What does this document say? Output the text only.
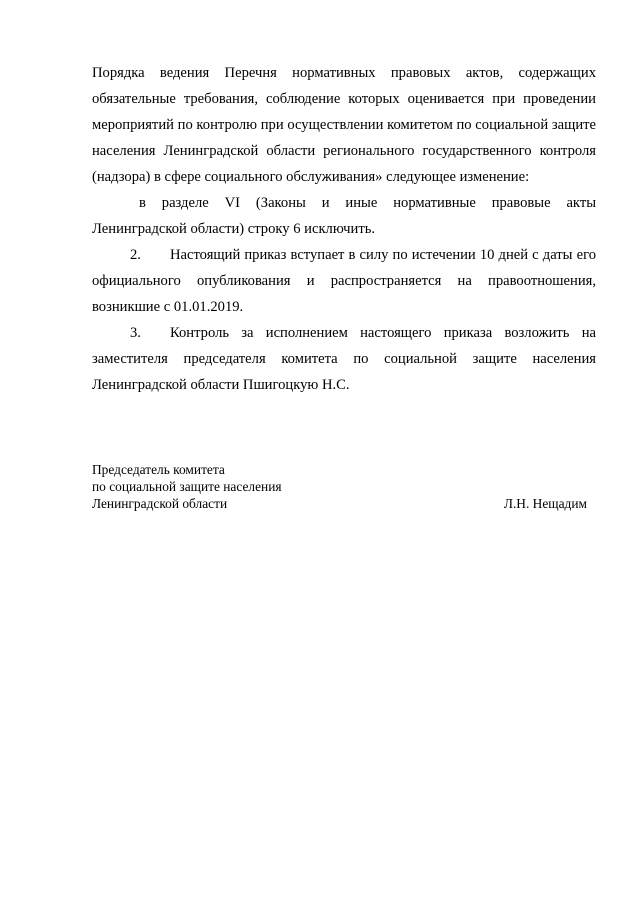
Порядка ведения Перечня нормативных правовых актов, содержащих обязательные требования, соблюдение которых оценивается при проведении мероприятий по контролю при осуществлении комитетом по социальной защите населения Ленинградской области регионального государственного контроля (надзора) в сфере социального обслуживания» следующее изменение:

в разделе VI (Законы и иные нормативные правовые акты Ленинградской области) строку 6 исключить.

2. Настоящий приказ вступает в силу по истечении 10 дней с даты его официального опубликования и распространяется на правоотношения, возникшие с 01.01.2019.

3. Контроль за исполнением настоящего приказа возложить на заместителя председателя комитета по социальной защите населения Ленинградской области Пшигоцкую Н.С.

Председатель комитета
по социальной защите населения
Ленинградской области	Л.Н. Нещадим
